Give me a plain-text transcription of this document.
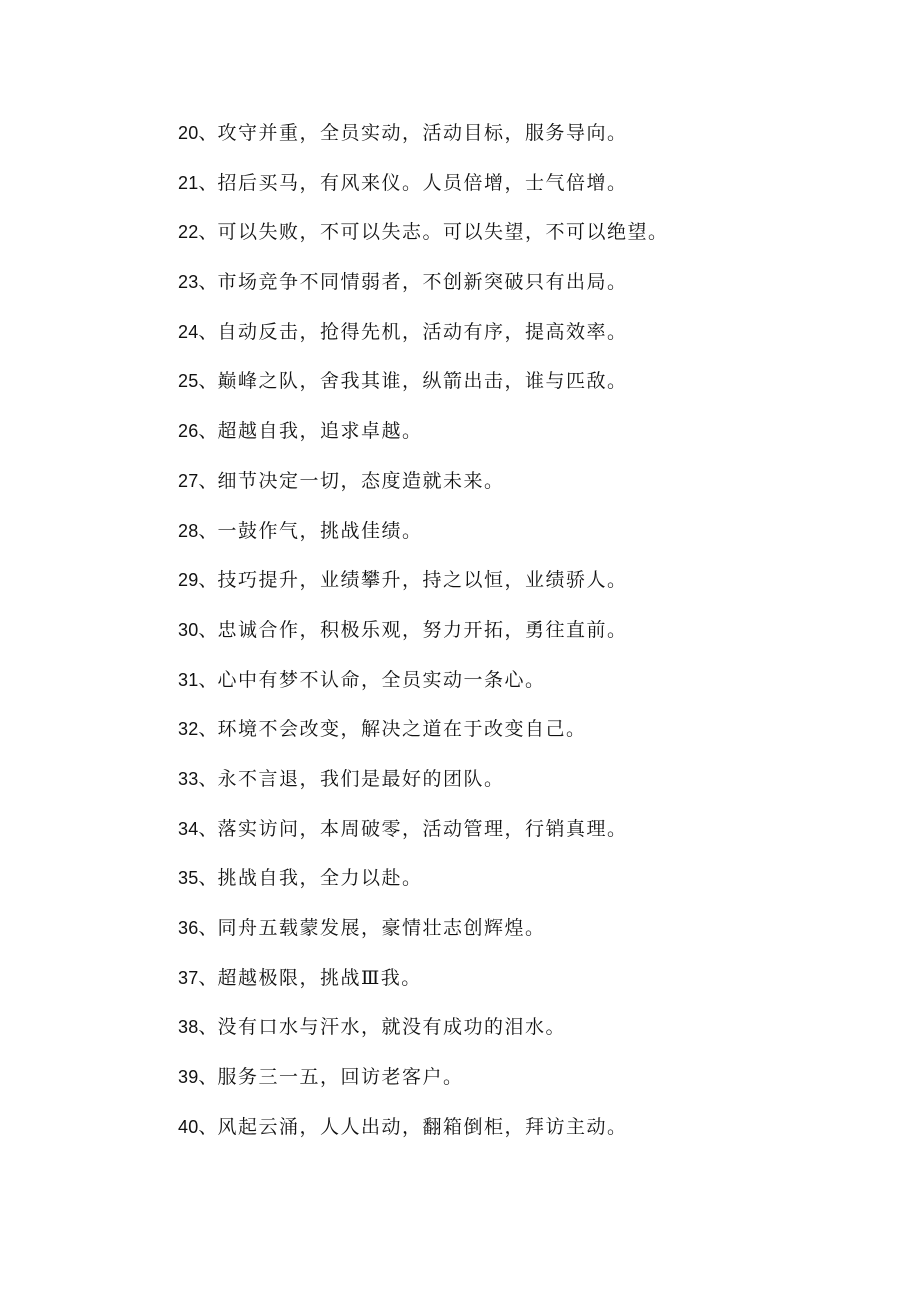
20、攻守并重，全员实动，活动目标，服务导向。
21、招后买马，有风来仪。人员倍增，士气倍增。
22、可以失败，不可以失志。可以失望，不可以绝望。
23、市场竞争不同情弱者，不创新突破只有出局。
24、自动反击，抢得先机，活动有序，提高效率。
25、巅峰之队，舍我其谁，纵箭出击，谁与匹敌。
26、超越自我，追求卓越。
27、细节决定一切，态度造就未来。
28、一鼓作气，挑战佳绩。
29、技巧提升，业绩攀升，持之以恒，业绩骄人。
30、忠诚合作，积极乐观，努力开拓，勇往直前。
31、心中有梦不认命，全员实动一条心。
32、环境不会改变，解决之道在于改变自己。
33、永不言退，我们是最好的团队。
34、落实访问，本周破零，活动管理，行销真理。
35、挑战自我，全力以赴。
36、同舟五载蒙发展，豪情壮志创辉煌。
37、超越极限，挑战Ⅲ我。
38、没有口水与汗水，就没有成功的泪水。
39、服务三一五，回访老客户。
40、风起云涌，人人出动，翻箱倒柜，拜访主动。
